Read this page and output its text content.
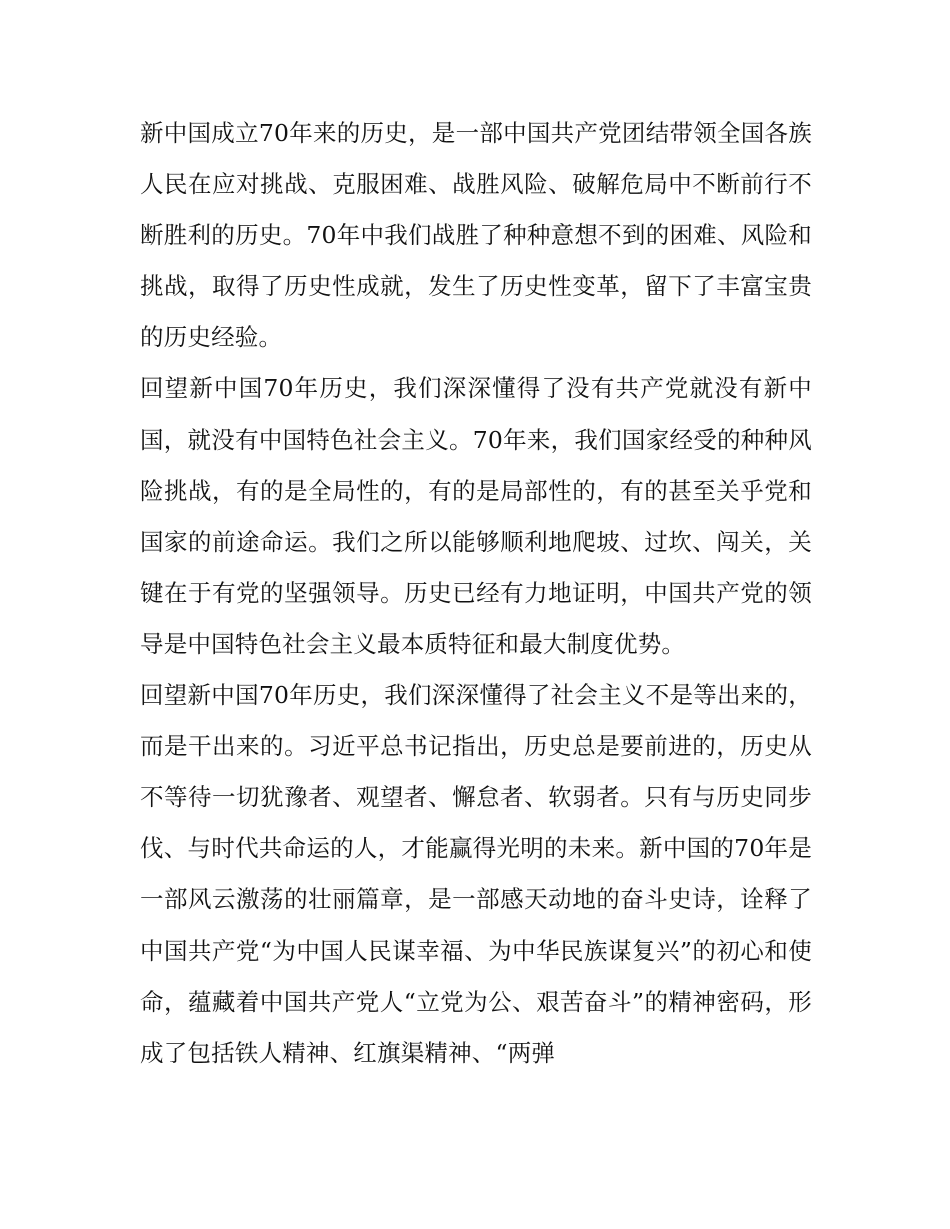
新中国成立70年来的历史，是一部中国共产党团结带领全国各族人民在应对挑战、克服困难、战胜风险、破解危局中不断前行不断胜利的历史。70年中我们战胜了种种意想不到的困难、风险和挑战，取得了历史性成就，发生了历史性变革，留下了丰富宝贵的历史经验。

回望新中国70年历史，我们深深懂得了没有共产党就没有新中国，就没有中国特色社会主义。70年来，我们国家经受的种种风险挑战，有的是全局性的，有的是局部性的，有的甚至关乎党和国家的前途命运。我们之所以能够顺利地爬坡、过坎、闯关，关键在于有党的坚强领导。历史已经有力地证明，中国共产党的领导是中国特色社会主义最本质特征和最大制度优势。

回望新中国70年历史，我们深深懂得了社会主义不是等出来的，而是干出来的。习近平总书记指出，历史总是要前进的，历史从不等待一切犹豫者、观望者、懈怠者、软弱者。只有与历史同步伐、与时代共命运的人，才能赢得光明的未来。新中国的70年是一部风云激荡的壮丽篇章，是一部感天动地的奋斗史诗，诠释了中国共产党“为中国人民谋幸福、为中华民族谋复兴”的初心和使命，蕴藏着中国共产党人“立党为公、艰苦奋斗”的精神密码，形成了包括铁人精神、红旗渠精神、“两弹
